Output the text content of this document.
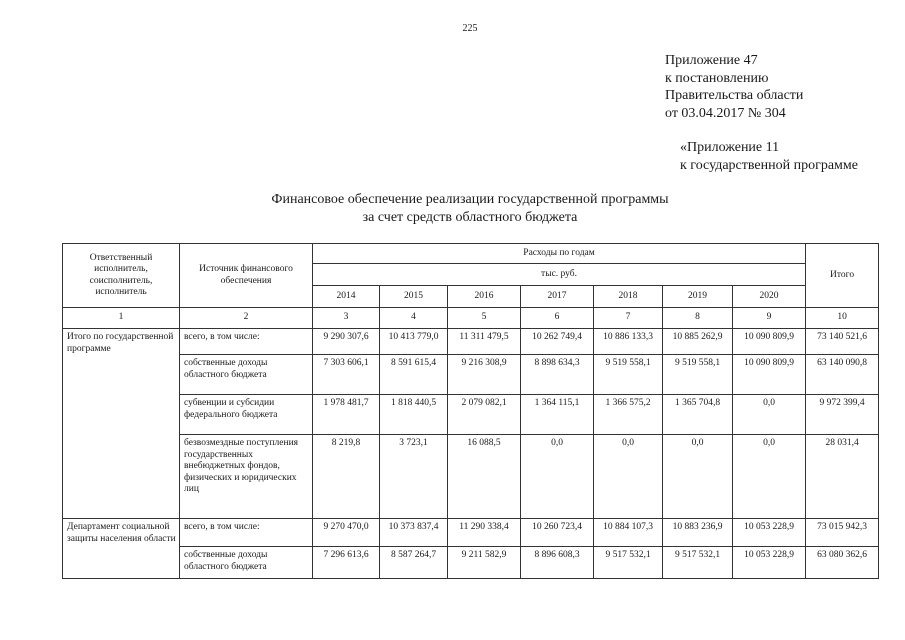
225
Приложение 47
к постановлению
Правительства области
от 03.04.2017 № 304
«Приложение 11
к государственной программе
Финансовое обеспечение реализации государственной программы
за счет средств областного бюджета
Ответственный исполнитель, соисполнитель, исполнитель	Источник финансового обеспечения	Расходы по годам							Итого
		тыс. руб.							
		2014	2015	2016	2017	2018	2019	2020	
1	2	3	4	5	6	7	8	9	10
Итого по государственной программе	всего, в том числе:	9 290 307,6	10 413 779,0	11 311 479,5	10 262 749,4	10 886 133,3	10 885 262,9	10 090 809,9	73 140 521,6
	собственные доходы областного бюджета	7 303 606,1	8 591 615,4	9 216 308,9	8 898 634,3	9 519 558,1	9 519 558,1	10 090 809,9	63 140 090,8
	субвенции и субсидии федерального бюджета	1 978 481,7	1 818 440,5	2 079 082,1	1 364 115,1	1 366 575,2	1 365 704,8	0,0	9 972 399,4
	безвозмездные поступления государственных внебюджетных фондов, физических и юридических лиц	8 219,8	3 723,1	16 088,5	0,0	0,0	0,0	0,0	28 031,4
Департамент социальной защиты населения области	всего, в том числе:	9 270 470,0	10 373 837,4	11 290 338,4	10 260 723,4	10 884 107,3	10 883 236,9	10 053 228,9	73 015 942,3
	собственные доходы областного бюджета	7 296 613,6	8 587 264,7	9 211 582,9	8 896 608,3	9 517 532,1	9 517 532,1	10 053 228,9	63 080 362,6
